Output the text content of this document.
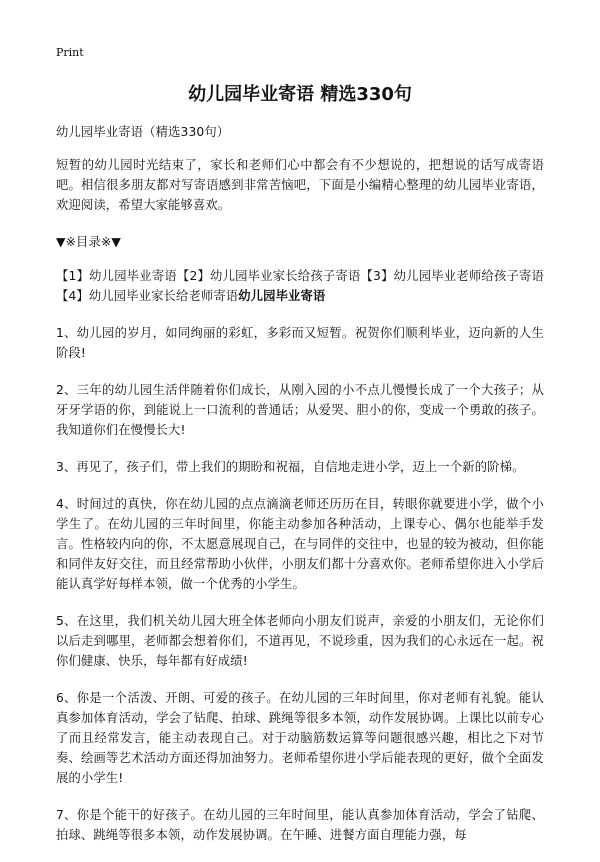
Print
幼儿园毕业寄语 精选330句

幼儿园毕业寄语（精选330句）

短暂的幼儿园时光结束了，家长和老师们心中都会有不少想说的，把想说的话写成寄语吧。相信很多朋友都对写寄语感到非常苦恼吧，下面是小编精心整理的幼儿园毕业寄语，欢迎阅读，希望大家能够喜欢。

▼※目录※▼

【1】幼儿园毕业寄语【2】幼儿园毕业家长给孩子寄语【3】幼儿园毕业老师给孩子寄语【4】幼儿园毕业家长给老师寄语幼儿园毕业寄语

1、幼儿园的岁月，如同绚丽的彩虹，多彩而又短暂。祝贺你们顺利毕业，迈向新的人生阶段!

2、三年的幼儿园生活伴随着你们成长，从刚入园的小不点儿慢慢长成了一个大孩子；从牙牙学语的你，到能说上一口流利的普通话；从爱哭、胆小的你，变成一个勇敢的孩子。我知道你们在慢慢长大!

3、再见了，孩子们，带上我们的期盼和祝福，自信地走进小学，迈上一个新的阶梯。

4、时间过的真快，你在幼儿园的点点滴滴老师还历历在目，转眼你就要进小学，做个小学生了。在幼儿园的三年时间里，你能主动参加各种活动，上课专心、偶尔也能举手发言。性格较内向的你，不太愿意展现自己，在与同伴的交往中，也显的较为被动，但你能和同伴友好交往，而且经常帮助小伙伴，小朋友们都十分喜欢你。老师希望你进入小学后能认真学好每样本领，做一个优秀的小学生。

5、在这里，我们机关幼儿园大班全体老师向小朋友们说声，亲爱的小朋友们，无论你们以后走到哪里，老师都会想着你们，不道再见，不说珍重，因为我们的心永远在一起。祝你们健康、快乐，每年都有好成绩!

6、你是一个活泼、开朗、可爱的孩子。在幼儿园的三年时间里，你对老师有礼貌。能认真参加体育活动，学会了钻爬、拍球、跳绳等很多本领，动作发展协调。上课比以前专心了而且经常发言，能主动表现自己。对于动脑筋数运算等问题很感兴趣，相比之下对节奏、绘画等艺术活动方面还得加油努力。老师希望你进小学后能表现的更好，做个全面发展的小学生!

7、你是个能干的好孩子。在幼儿园的三年时间里，能认真参加体育活动，学会了钻爬、拍球、跳绳等很多本领，动作发展协调。在午睡、进餐方面自理能力强，每
